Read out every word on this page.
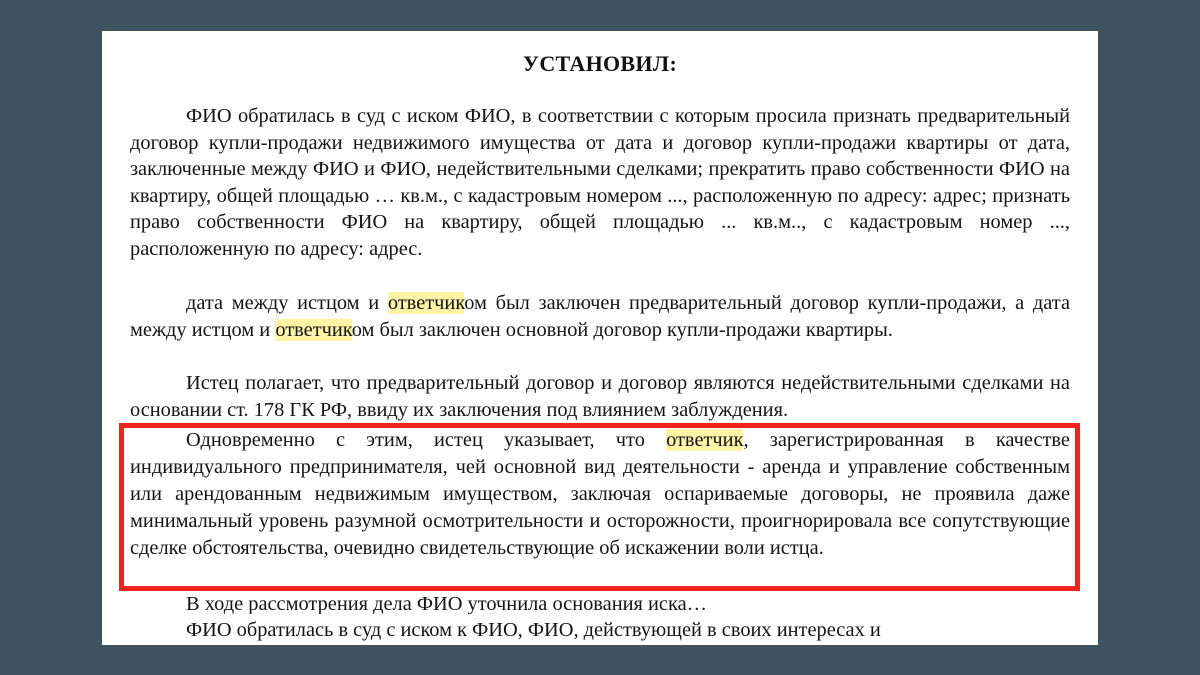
УСТАНОВИЛ:

ФИО обратилась в суд с иском ФИО, в соответствии с которым просила признать предварительный договор купли-продажи недвижимого имущества от дата и договор купли-продажи квартиры от дата, заключенные между ФИО и ФИО, недействительными сделками; прекратить право собственности ФИО на квартиру, общей площадью … кв.м., с кадастровым номером ..., расположенную по адресу: адрес; признать право собственности ФИО на квартиру, общей площадью ... кв.м.., с кадастровым номер ..., расположенную по адресу: адрес.

дата между истцом и ответчиком был заключен предварительный договор купли-продажи, а дата между истцом и ответчиком был заключен основной договор купли-продажи квартиры.

Истец полагает, что предварительный договор и договор являются недействительными сделками на основании ст. 178 ГК РФ, ввиду их заключения под влиянием заблуждения.

Одновременно с этим, истец указывает, что ответчик, зарегистрированная в качестве индивидуального предпринимателя, чей основной вид деятельности - аренда и управление собственным или арендованным недвижимым имуществом, заключая оспариваемые договоры, не проявила даже минимальный уровень разумной осмотрительности и осторожности, проигнорировала все сопутствующие сделке обстоятельства, очевидно свидетельствующие об искажении воли истца.

В ходе рассмотрения дела ФИО уточнила основания иска…

ФИО обратилась в суд с иском к ФИО, ФИО, действующей в своих интересах и
